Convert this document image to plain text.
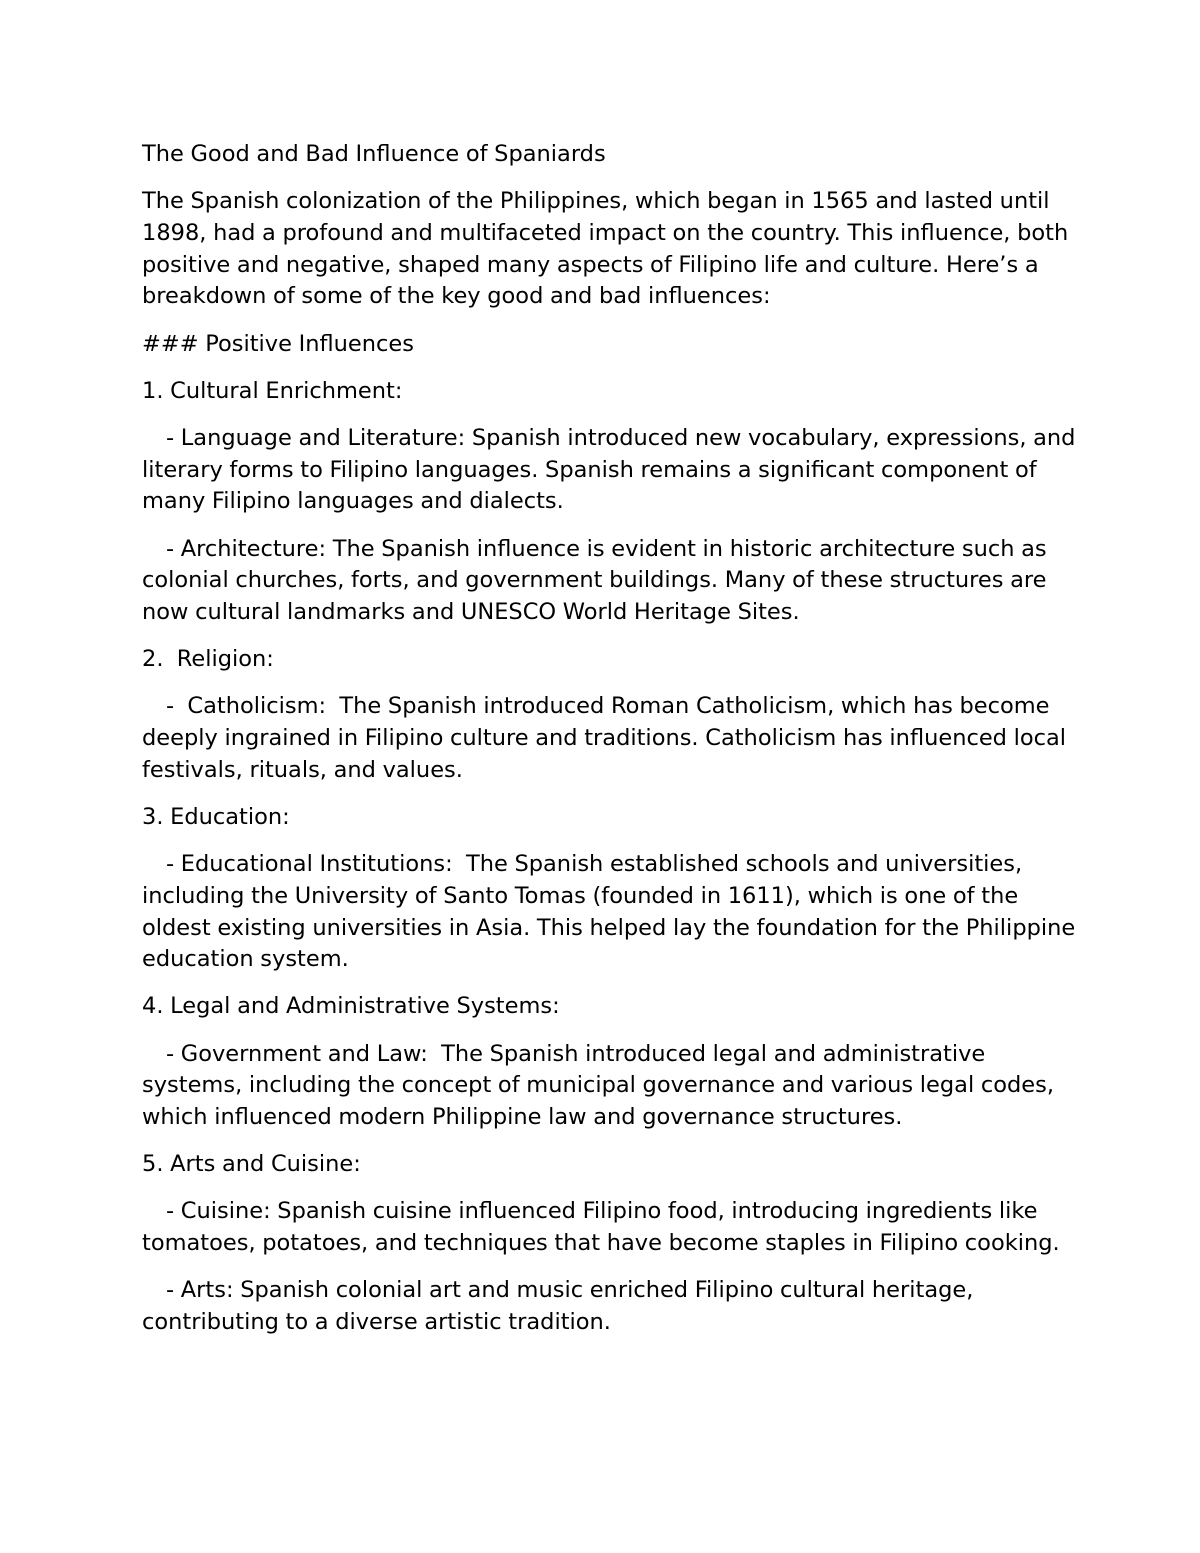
The Good and Bad Influence of Spaniards

The Spanish colonization of the Philippines, which began in 1565 and lasted until 1898, had a profound and multifaceted impact on the country. This influence, both positive and negative, shaped many aspects of Filipino life and culture. Here’s a breakdown of some of the key good and bad influences:

### Positive Influences

1. Cultural Enrichment:

- Language and Literature: Spanish introduced new vocabulary, expressions, and literary forms to Filipino languages. Spanish remains a significant component of many Filipino languages and dialects.

- Architecture: The Spanish influence is evident in historic architecture such as colonial churches, forts, and government buildings. Many of these structures are now cultural landmarks and UNESCO World Heritage Sites.

2.  Religion:

-  Catholicism:  The Spanish introduced Roman Catholicism, which has become deeply ingrained in Filipino culture and traditions. Catholicism has influenced local festivals, rituals, and values.

3. Education:

- Educational Institutions:  The Spanish established schools and universities, including the University of Santo Tomas (founded in 1611), which is one of the oldest existing universities in Asia. This helped lay the foundation for the Philippine education system.

4. Legal and Administrative Systems:

- Government and Law:  The Spanish introduced legal and administrative systems, including the concept of municipal governance and various legal codes, which influenced modern Philippine law and governance structures.

5. Arts and Cuisine:

- Cuisine: Spanish cuisine influenced Filipino food, introducing ingredients like tomatoes, potatoes, and techniques that have become staples in Filipino cooking.

- Arts: Spanish colonial art and music enriched Filipino cultural heritage, contributing to a diverse artistic tradition.
